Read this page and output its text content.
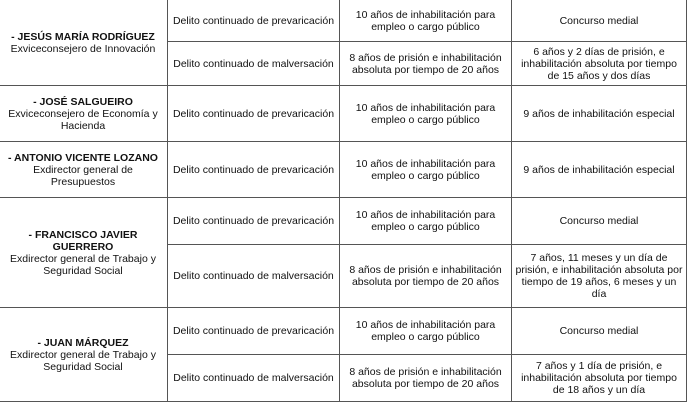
- JESÚS MARÍA RODRÍGUEZ
Exviceconsejero de Innovación	Delito continuado de prevaricación	10 años de inhabilitación para empleo o cargo público	Concurso medial
	Delito continuado de malversación	8 años de prisión e inhabilitación absoluta por tiempo de 20 años	6 años y 2 días de prisión, e inhabilitación absoluta por tiempo de 15 años y dos días

- JOSÉ SALGUEIRO
Exviceconsejero de Economía y Hacienda	Delito continuado de prevaricación	10 años de inhabilitación para empleo o cargo público	9 años de inhabilitación especial

- ANTONIO VICENTE LOZANO
Exdirector general de Presupuestos	Delito continuado de prevaricación	10 años de inhabilitación para empleo o cargo público	9 años de inhabilitación especial

- FRANCISCO JAVIER GUERRERO
Exdirector general de Trabajo y Seguridad Social	Delito continuado de prevaricación	10 años de inhabilitación para empleo o cargo público	Concurso medial
	Delito continuado de malversación	8 años de prisión e inhabilitación absoluta por tiempo de 20 años	7 años, 11 meses y un día de prisión, e inhabilitación absoluta por tiempo de 19 años, 6 meses y un día

- JUAN MÁRQUEZ
Exdirector general de Trabajo y Seguridad Social	Delito continuado de prevaricación	10 años de inhabilitación para empleo o cargo público	Concurso medial
	Delito continuado de malversación	8 años de prisión e inhabilitación absoluta por tiempo de 20 años	7 años y 1 día de prisión, e inhabilitación absoluta por tiempo de 18 años y un día
